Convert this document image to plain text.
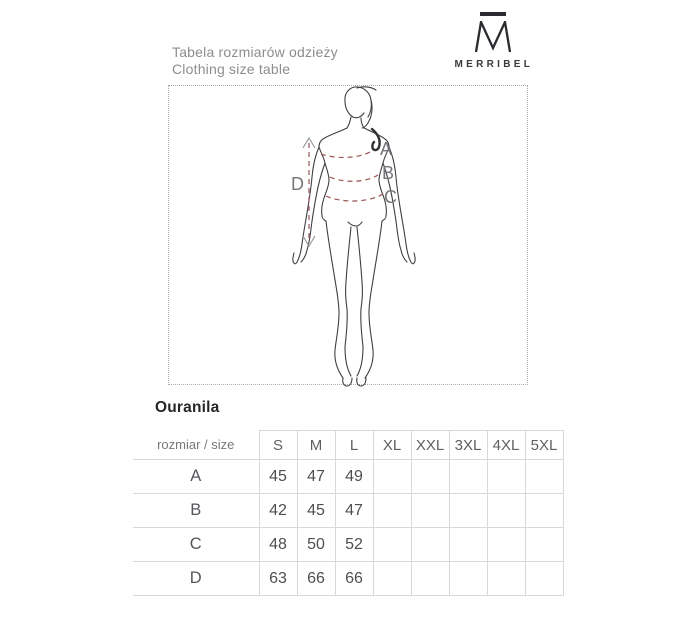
MERRIBEL
Tabela rozmiarów odzieży
Clothing size table
A
B
C
D
Ouranila
rozmiar / size	S	M	L	XL	XXL	3XL	4XL	5XL
A	45	47	49					
B	42	45	47					
C	48	50	52					
D	63	66	66					
